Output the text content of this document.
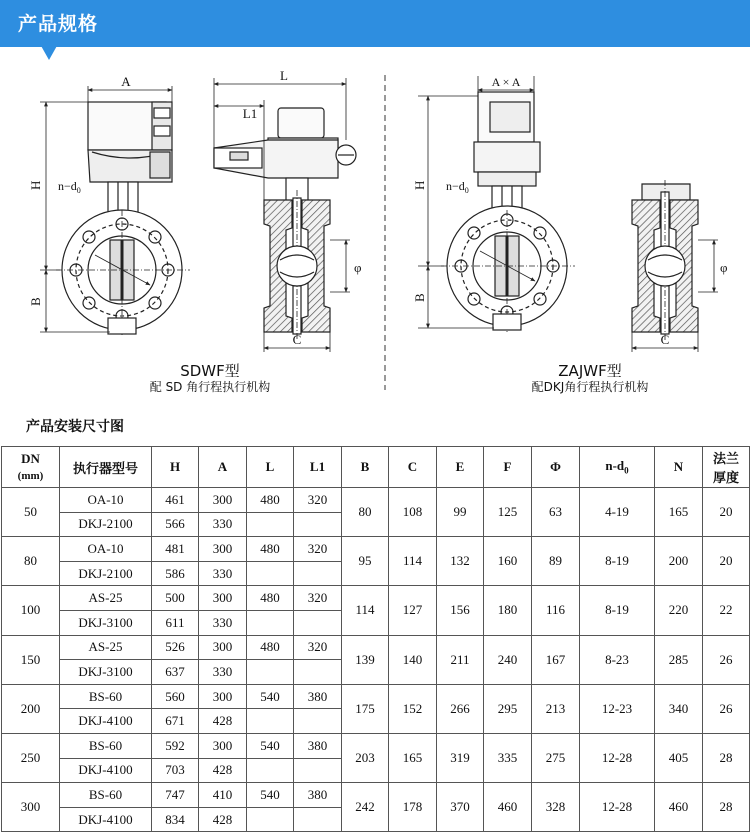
产品规格
A
H
B
$n-d_0$
L
L1
φ
C
A × A
H
B
$n-d_0$
φ
C
SDWF型
配 SD 角行程执行机构
ZAJWF型
配DKJ角行程执行机构
产品安装尺寸图
DN
(mm)	执行器型号	H	A	L	L1	B	C	E	F	Φ	$n-d_0$	N	法兰
厚度
50	OA-10	461	300	480	320	80	108	99	125	63	4-19	165	20
	DKJ-2100	566	330										
80	OA-10	481	300	480	320	95	114	132	160	89	8-19	200	20
	DKJ-2100	586	330										
100	AS-25	500	300	480	320	114	127	156	180	116	8-19	220	22
	DKJ-3100	611	330										
150	AS-25	526	300	480	320	139	140	211	240	167	8-23	285	26
	DKJ-3100	637	330										
200	BS-60	560	300	540	380	175	152	266	295	213	12-23	340	26
	DKJ-4100	671	428										
250	BS-60	592	300	540	380	203	165	319	335	275	12-28	405	28
	DKJ-4100	703	428										
300	BS-60	747	410	540	380	242	178	370	460	328	12-28	460	28
	DKJ-4100	834	428										
